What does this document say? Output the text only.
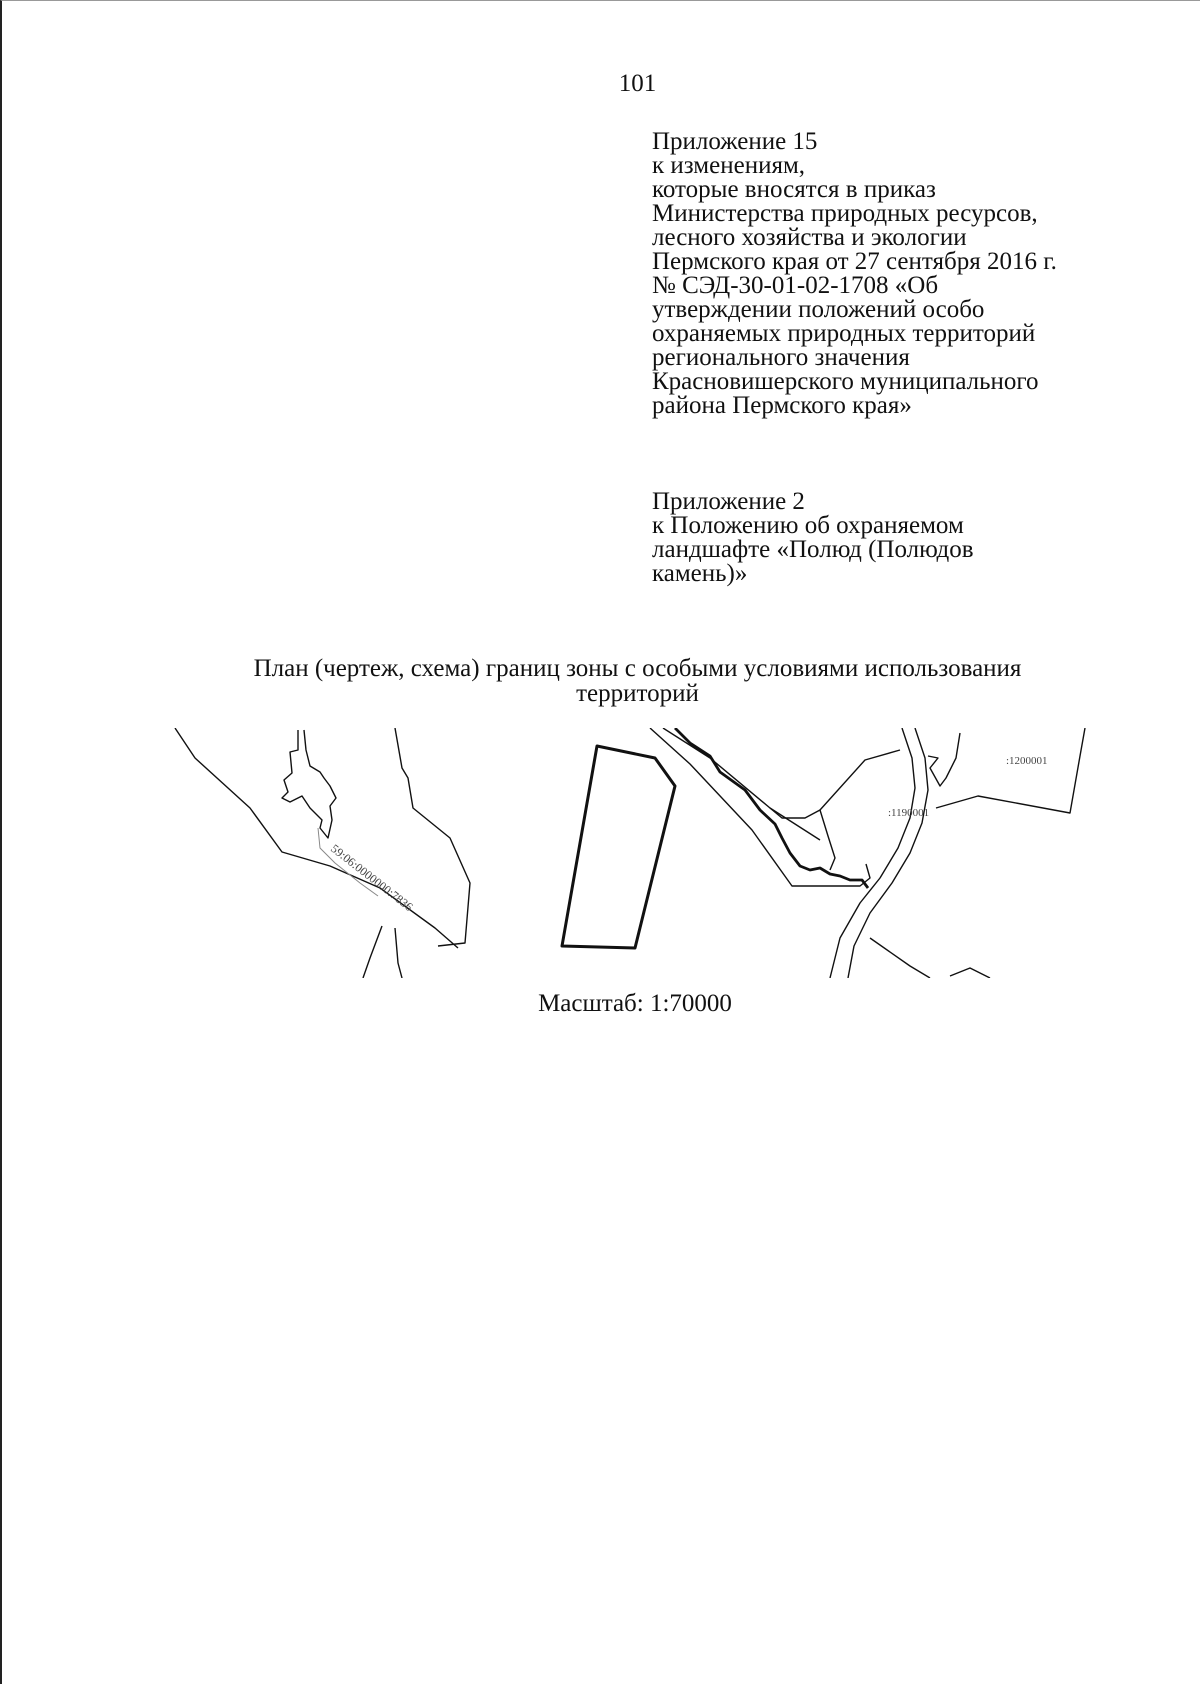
101
Приложение 15
к изменениям,
которые вносятся в приказ
Министерства природных ресурсов,
лесного хозяйства и экологии
Пермского края от 27 сентября 2016 г.
№ СЭД-30-01-02-1708 «Об
утверждении положений особо
охраняемых природных территорий
регионального значения
Красновишерского муниципального
района Пермского края»
Приложение 2
к Положению об охраняемом
ландшафте «Полюд (Полюдов
камень)»
План (чертеж, схема) границ зоны с особыми условиями использования
территорий
59:06:0000000:7836
:1200001
:1190001
Масштаб: 1:70000
